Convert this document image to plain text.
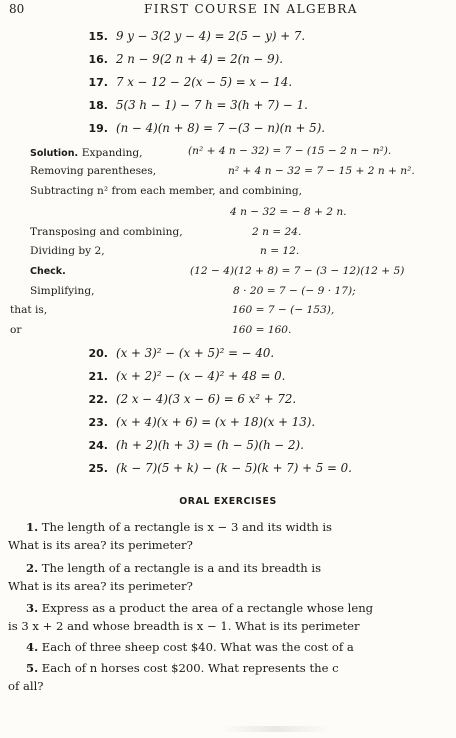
80	FIRST COURSE IN ALGEBRA
15. 9 y − 3(2 y − 4) = 2(5 − y) + 7.
16. 2 n − 9(2 n + 4) = 2(n − 9).
17. 7 x − 12 − 2(x − 5) = x − 14.
18. 5(3 h − 1) − 7 h = 3(h + 7) − 1.
19. (n − 4)(n + 8) = 7 −(3 − n)(n + 5).
Solution. Expanding,	(n² + 4 n − 32) = 7 − (15 − 2 n − n²).
Removing parentheses,	n² + 4 n − 32 = 7 − 15 + 2 n + n².
Subtracting n² from each member, and combining,
4 n − 32 = − 8 + 2 n.
Transposing and combining,	2 n = 24.
Dividing by 2,	n = 12.
Check.	(12 − 4)(12 + 8) = 7 − (3 − 12)(12 + 5)
Simplifying,	8 · 20 = 7 − (− 9 · 17);
that is,	160 = 7 − (− 153),
or	160 = 160.
20. (x + 3)² − (x + 5)² = − 40.
21. (x + 2)² − (x − 4)² + 48 = 0.
22. (2 x − 4)(3 x − 6) = 6 x² + 72.
23. (x + 4)(x + 6) = (x + 18)(x + 13).
24. (h + 2)(h + 3) = (h − 5)(h − 2).
25. (k − 7)(5 + k) − (k − 5)(k + 7) + 5 = 0.
ORAL EXERCISES
1. The length of a rectangle is x − 3 and its width is
What is its area? its perimeter?
2. The length of a rectangle is a and its breadth is
What is its area? its perimeter?
3. Express as a product the area of a rectangle whose leng
is 3 x + 2 and whose breadth is x − 1. What is its perimeter
4. Each of three sheep cost $40. What was the cost of a
5. Each of n horses cost $200. What represents the c
of all?
